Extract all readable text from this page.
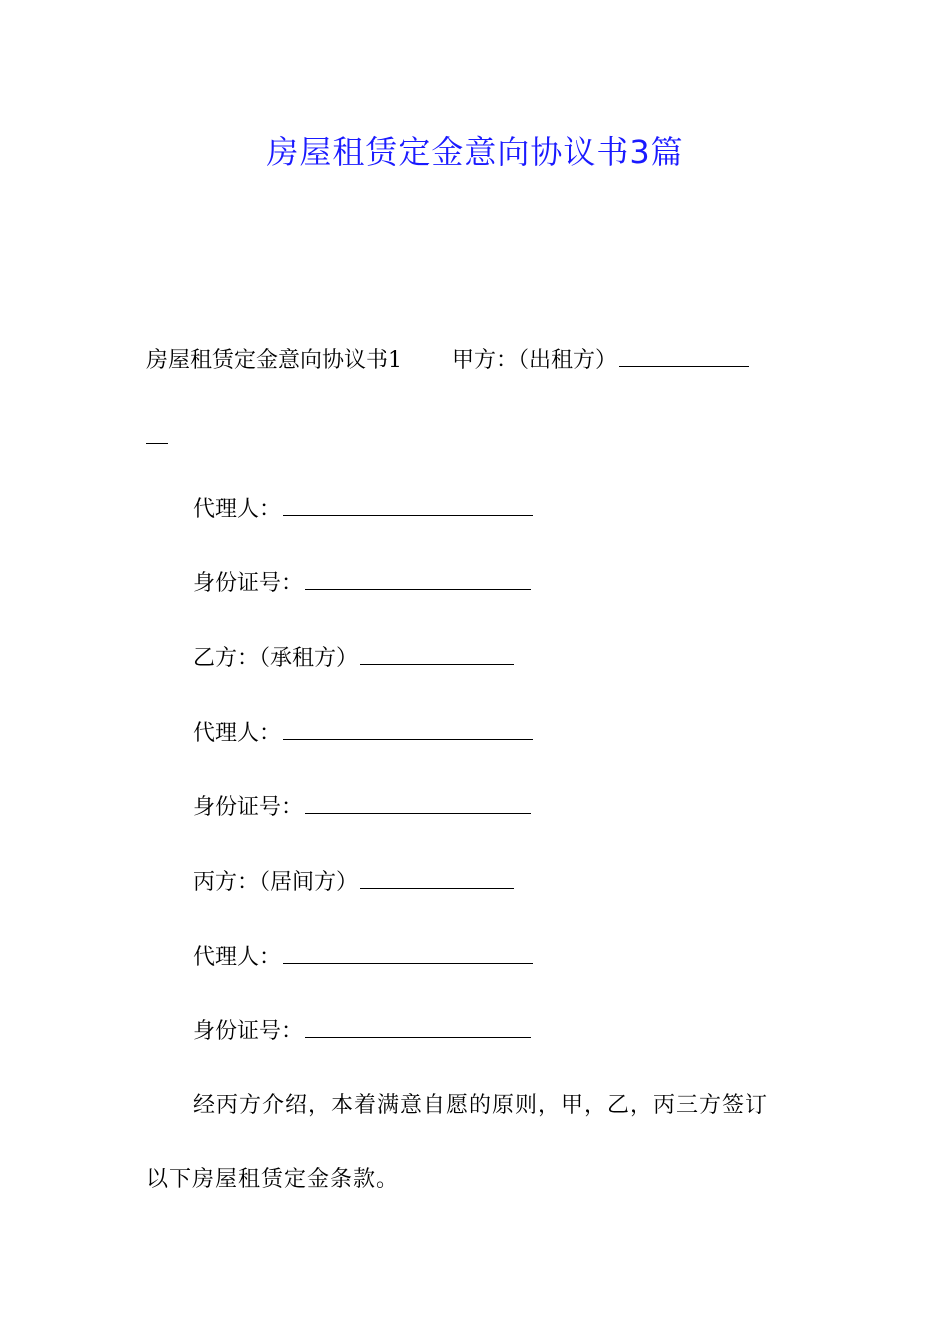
房屋租赁定金意向协议书3篇
房屋租赁定金意向协议书1 甲方：（出租方）
代理人：
身份证号：
乙方：（承租方）
代理人：
身份证号：
丙方：（居间方）
代理人：
身份证号：
经丙方介绍，本着满意自愿的原则，甲，乙，丙三方签订
以下房屋租赁定金条款。
